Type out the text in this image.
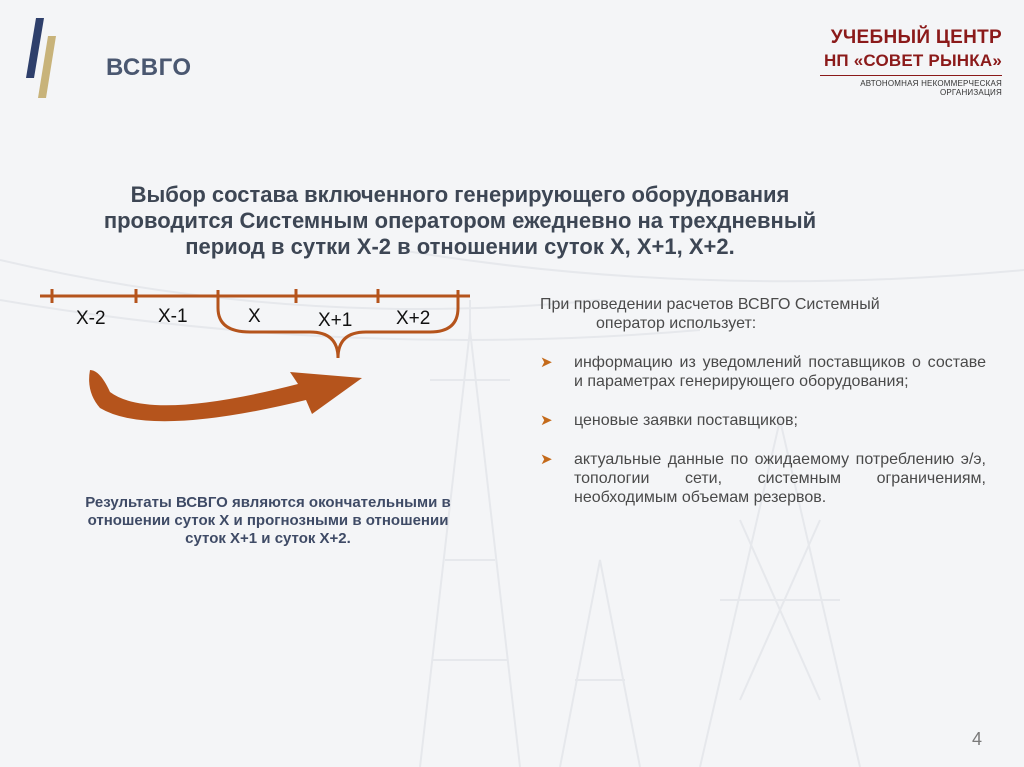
ВСВГО
УЧЕБНЫЙ ЦЕНТР
НП «СОВЕТ РЫНКА»
АВТОНОМНАЯ НЕКОММЕРЧЕСКАЯ ОРГАНИЗАЦИЯ
Выбор состава включенного генерирующего оборудования
проводится Системным оператором ежедневно на трехдневный
период в сутки Х-2 в отношении суток Х, Х+1, Х+2.
Х-2	Х-1	Х	Х+1 Х+2
Результаты ВСВГО являются окончательными в
отношении суток Х и прогнозными в отношении
суток Х+1 и суток Х+2.
При проведении расчетов ВСВГО Системный
оператор использует:
➤ информацию из уведомлений поставщиков о составе и параметрах генерирующего оборудования;
➤ ценовые заявки поставщиков;
➤ актуальные данные по ожидаемому потреблению э/э, топологии сети, системным ограничениям, необходимым объемам резервов.
4
